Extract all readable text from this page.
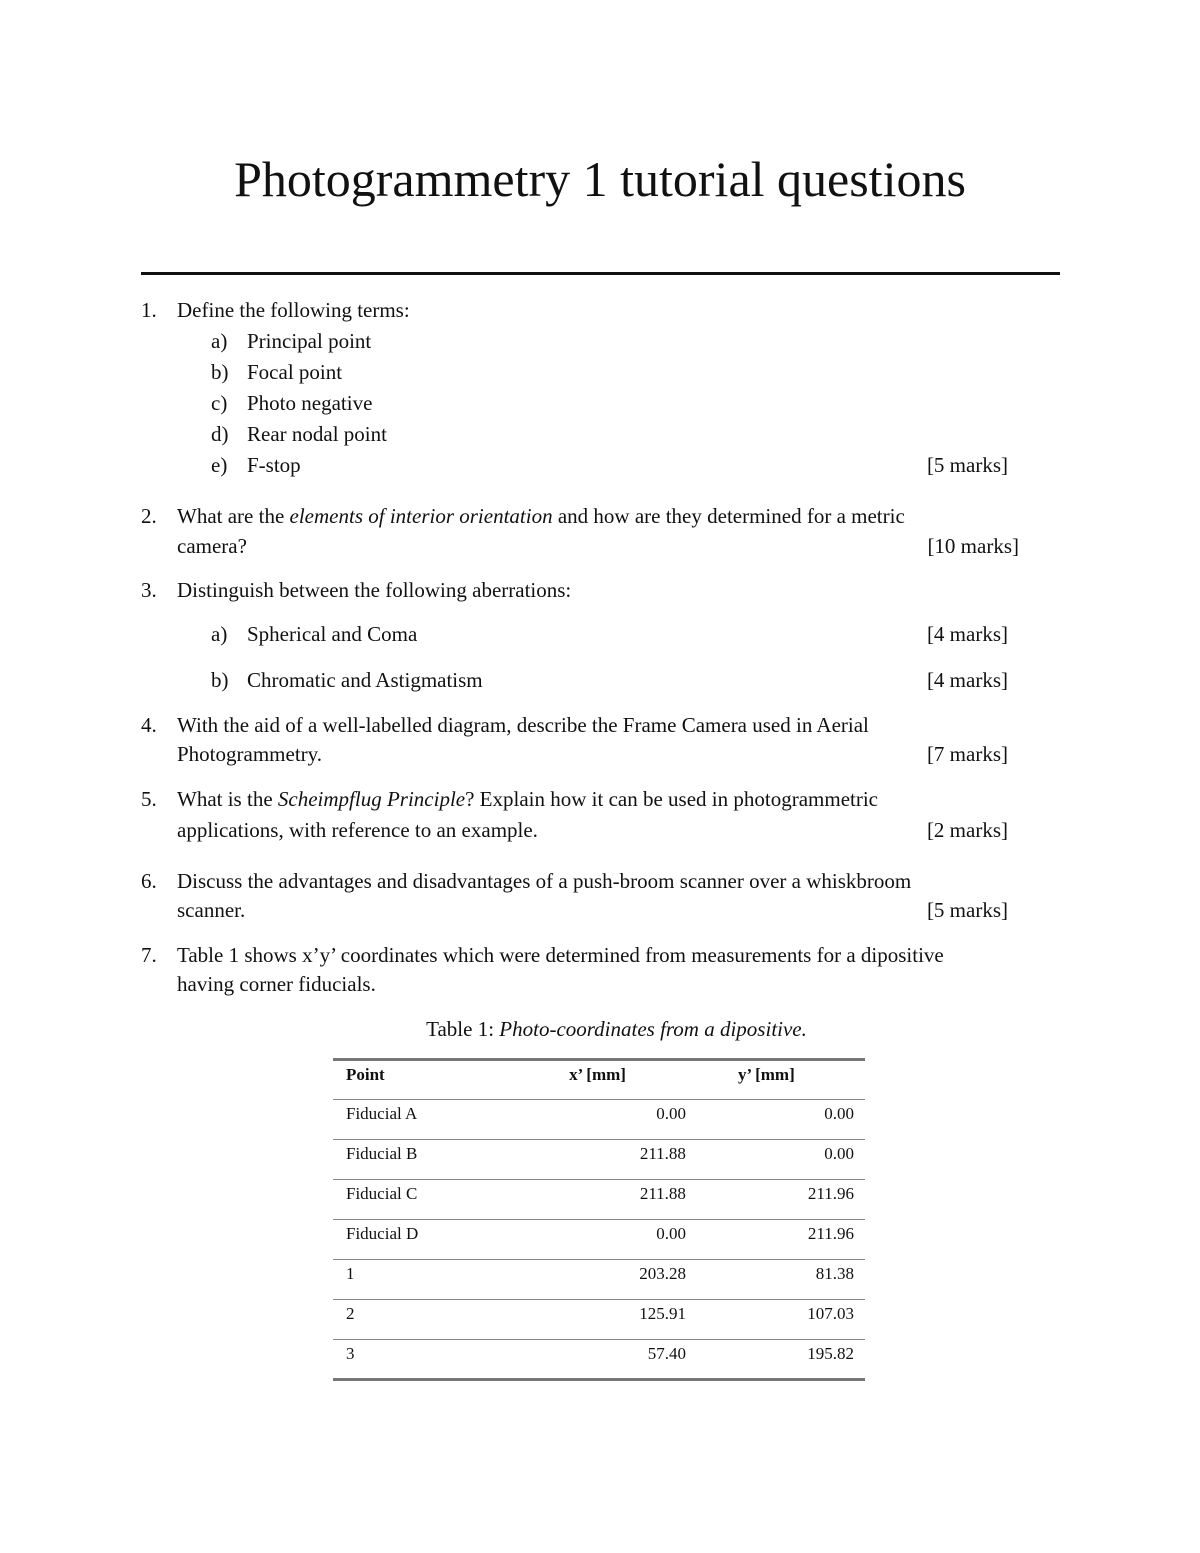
Photogrammetry 1 tutorial questions
1. Define the following terms:
a) Principal point
b) Focal point
c) Photo negative
d) Rear nodal point
e) F-stop	[5 marks]
2. What are the elements of interior orientation and how are they determined for a metric
camera?	[10 marks]
3. Distinguish between the following aberrations:
a) Spherical and Coma	[4 marks]
b) Chromatic and Astigmatism	[4 marks]
4. With the aid of a well-labelled diagram, describe the Frame Camera used in Aerial
Photogrammetry.	[7 marks]
5. What is the Scheimpflug Principle? Explain how it can be used in photogrammetric
applications, with reference to an example.	[2 marks]
6. Discuss the advantages and disadvantages of a push-broom scanner over a whiskbroom
scanner.	[5 marks]
7. Table 1 shows x’y’ coordinates which were determined from measurements for a dipositive
having corner fiducials.
Table 1: Photo-coordinates from a dipositive.
Point	x’ [mm]	y’ [mm]
Fiducial A	0.00	0.00
Fiducial B	211.88	0.00
Fiducial C	211.88	211.96
Fiducial D	0.00	211.96
1	203.28	81.38
2	125.91	107.03
3	57.40	195.82
